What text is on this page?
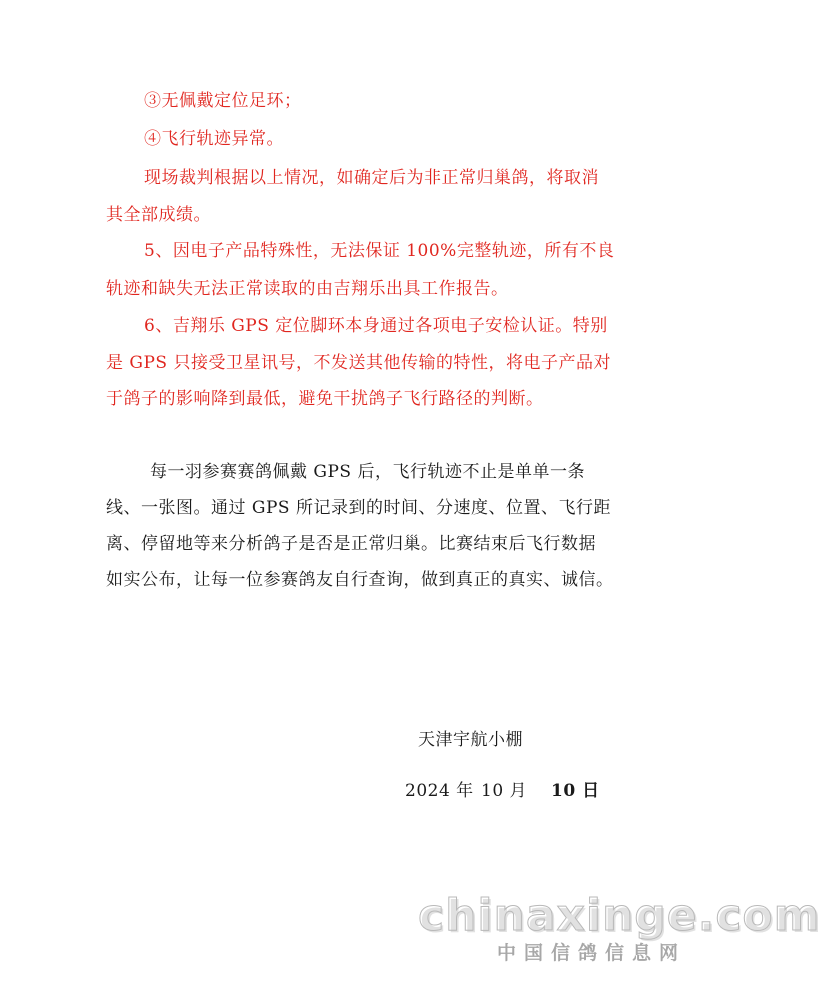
③无佩戴定位足环；
④飞行轨迹异常。
现场裁判根据以上情况，如确定后为非正常归巢鸽，将取消
其全部成绩。
5、因电子产品特殊性，无法保证 100%完整轨迹，所有不良
轨迹和缺失无法正常读取的由吉翔乐出具工作报告。
6、吉翔乐 GPS 定位脚环本身通过各项电子安检认证。特别
是 GPS 只接受卫星讯号，不发送其他传输的特性，将电子产品对
于鸽子的影响降到最低，避免干扰鸽子飞行路径的判断。
每一羽参赛赛鸽佩戴 GPS 后，飞行轨迹不止是单单一条
线、一张图。通过 GPS 所记录到的时间、分速度、位置、飞行距
离、停留地等来分析鸽子是否是正常归巢。比赛结束后飞行数据
如实公布，让每一位参赛鸽友自行查询，做到真正的真实、诚信。
天津宇航小棚
2024 年 10 月 10 日
chinaxinge.com
中国信鸽信息网
